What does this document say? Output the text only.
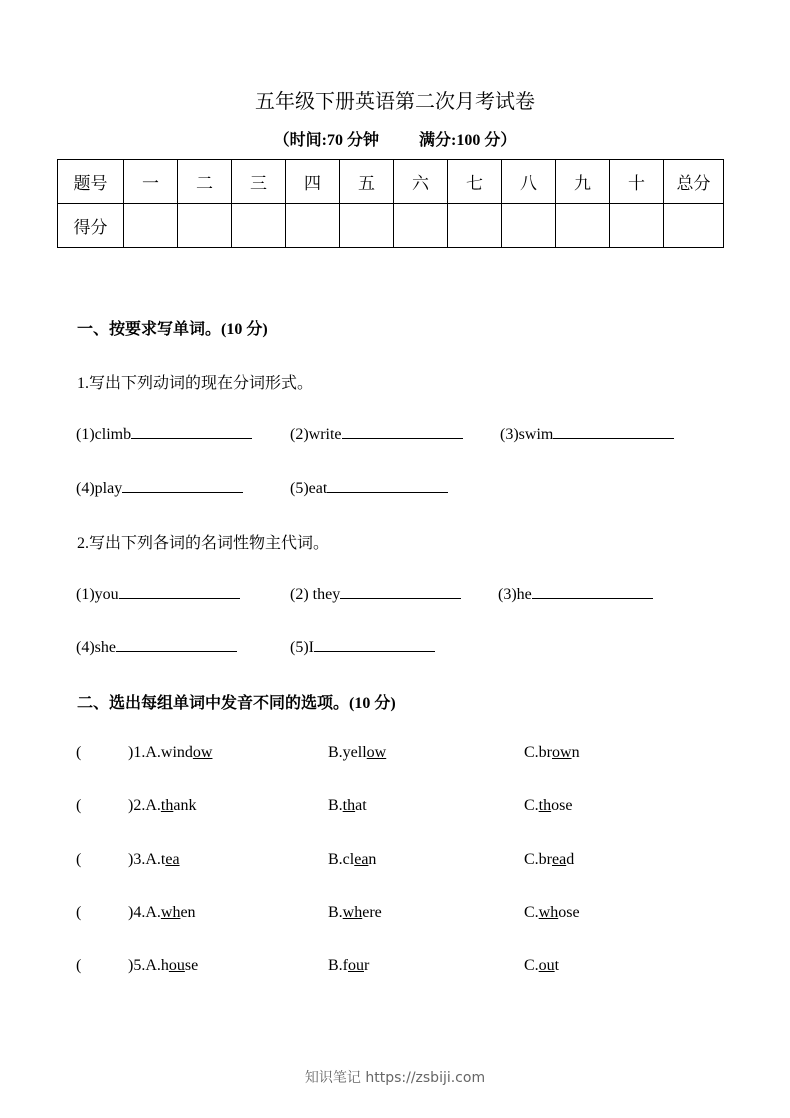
五年级下册英语第二次月考试卷
（时间:70 分钟	满分:100 分）
题号	一	二	三	四	五	六	七	八	九	十	总分
得分											
一、按要求写单词。(10 分)
1.写出下列动词的现在分词形式。
(1)climb	(2)write	(3)swim
(4)play	(5)eat
2.写出下列各词的名词性物主代词。
(1)you	(2) they	(3)he
(4)she	(5)I
二、选出每组单词中发音不同的选项。(10 分)
(	)1.A.window	B.yellow	C.brown
(	)2.A.thank	B.that	C.those
(	)3.A.tea	B.clean	C.bread
(	)4.A.when	B.where	C.whose
(	)5.A.house	B.four	C.out
知识笔记 https://zsbiji.com
